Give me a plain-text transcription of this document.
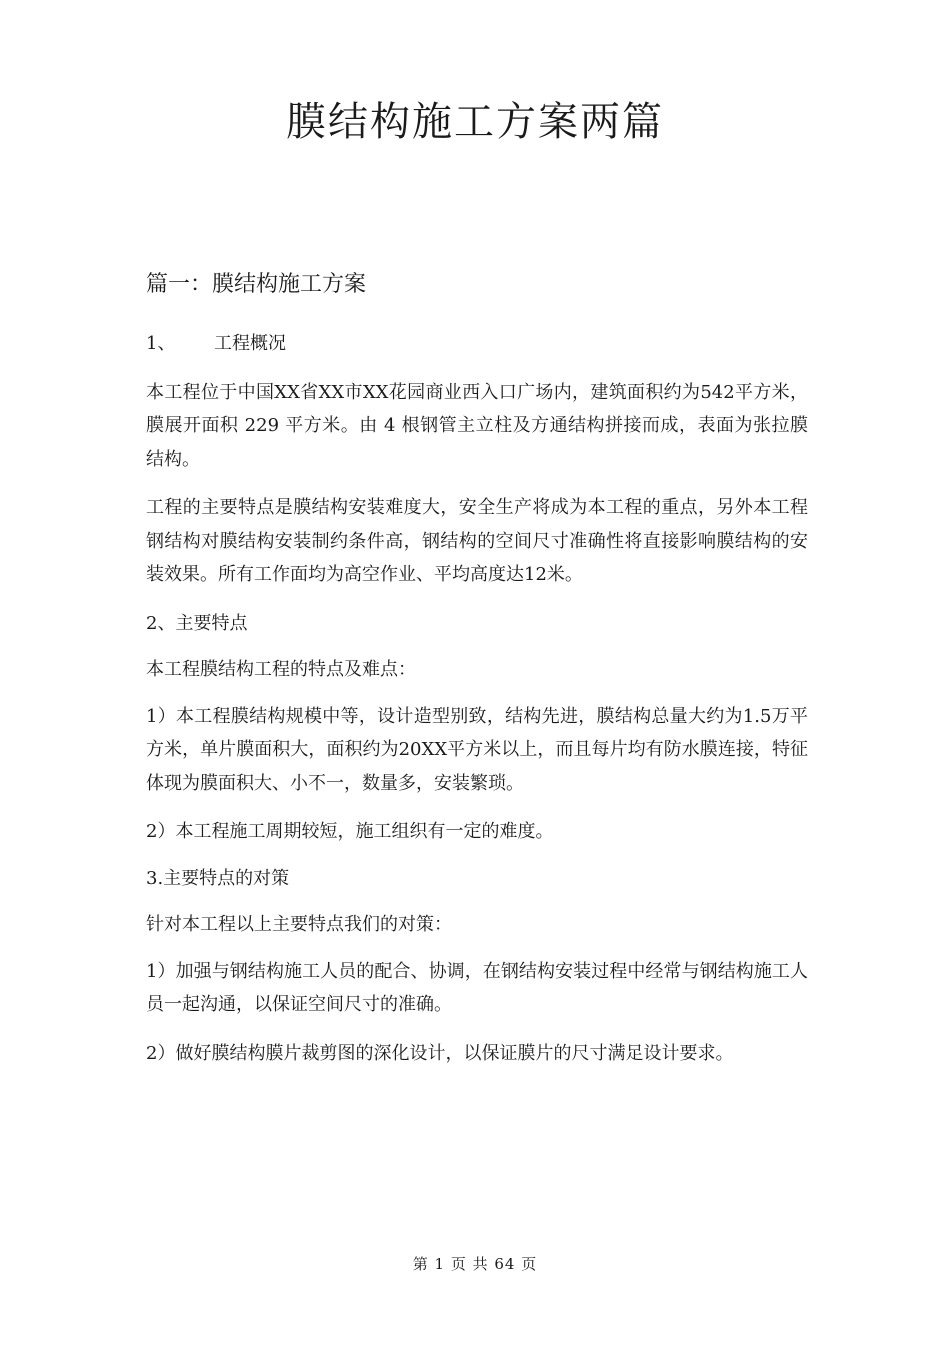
膜结构施工方案两篇
篇一：膜结构施工方案

1、 工程概况

本工程位于中国XX省XX市XX花园商业西入口广场内，建筑面积约为542平方米，膜展开面积 229 平方米。由 4 根钢管主立柱及方通结构拼接而成，表面为张拉膜结构。

工程的主要特点是膜结构安装难度大，安全生产将成为本工程的重点，另外本工程钢结构对膜结构安装制约条件高，钢结构的空间尺寸准确性将直接影响膜结构的安装效果。所有工作面均为高空作业、平均高度达12米。

2、主要特点

本工程膜结构工程的特点及难点：

1）本工程膜结构规模中等，设计造型别致，结构先进，膜结构总量大约为1.5万平方米，单片膜面积大，面积约为20XX平方米以上，而且每片均有防水膜连接，特征体现为膜面积大、小不一，数量多，安装繁琐。

2）本工程施工周期较短，施工组织有一定的难度。

3.主要特点的对策

针对本工程以上主要特点我们的对策：

1）加强与钢结构施工人员的配合、协调，在钢结构安装过程中经常与钢结构施工人员一起沟通，以保证空间尺寸的准确。

2）做好膜结构膜片裁剪图的深化设计，以保证膜片的尺寸满足设计要求。

第 1 页 共 64 页
